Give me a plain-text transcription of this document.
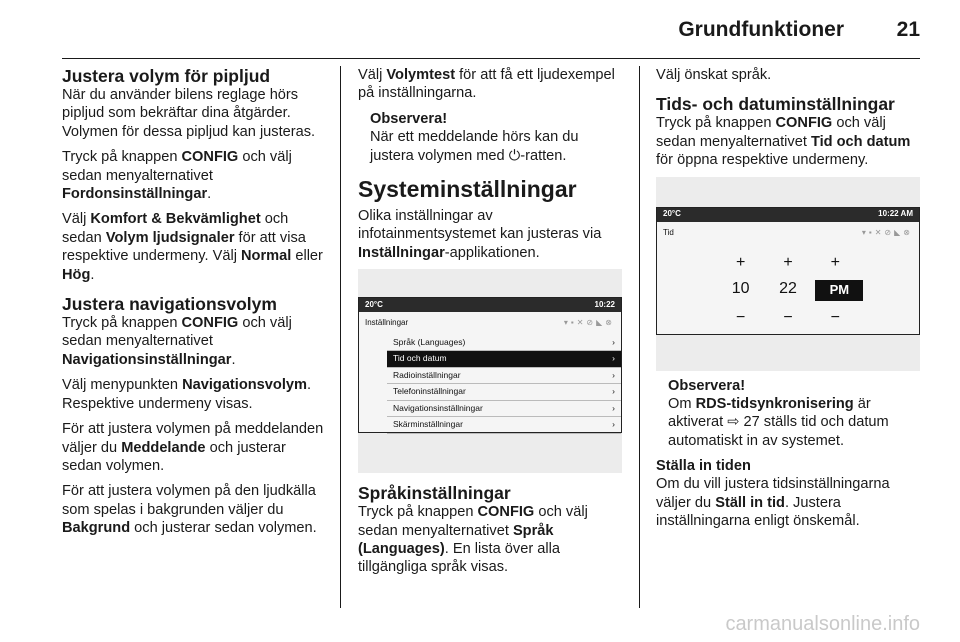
Grundfunktioner	21
Justera volym för pipljud

När du använder bilens reglage hörs pipljud som bekräftar dina åtgärder. Volymen för dessa pipljud kan justeras.

Tryck på knappen CONFIG och välj sedan menyalternativet Fordonsinställningar.

Välj Komfort & Bekvämlighet och sedan Volym ljudsignaler för att visa respektive undermeny. Välj Normal eller Hög.

Justera navigationsvolym

Tryck på knappen CONFIG och välj sedan menyalternativet Navigationsinställningar.

Välj menypunkten Navigationsvolym. Respektive undermeny visas.

För att justera volymen på meddelanden väljer du Meddelande och justerar sedan volymen.

För att justera volymen på den ljudkälla som spelas i bakgrunden väljer du Bakgrund och justerar sedan volymen.

Välj Volymtest för att få ett ljudexempel på inställningarna.

Observera!
När ett meddelande hörs kan du justera volymen med ⏻-ratten.
Systeminställningar

Olika inställningar av infotainmentsystemet kan justeras via Inställningar-applikationen.

20°C	10:22
Inställningar	▾▪✕⊘◣⊗
Språk (Languages)	›
Tid och datum	›
Radioinställningar	›
Telefoninställningar	›
Navigationsinställningar	›
Skärminställningar	›
Språkinställningar

Tryck på knappen CONFIG och välj sedan menyalternativet Språk (Languages). En lista över alla tillgängliga språk visas.

Välj önskat språk.

Tids- och datuminställningar

Tryck på knappen CONFIG och välj sedan menyalternativet Tid och datum för öppna respektive undermeny.

20°C	10:22 AM
Tid	▾▪✕⊘◣⊗
+	+	+
10	22	PM
−	−	−
Observera!
Om RDS-tidsynkronisering är aktiverat ⇨ 27 ställs tid och datum automatiskt in av systemet.
Ställa in tiden

Om du vill justera tidsinställningarna väljer du Ställ in tid. Justera inställningarna enligt önskemål.

carmanualsonline.info
